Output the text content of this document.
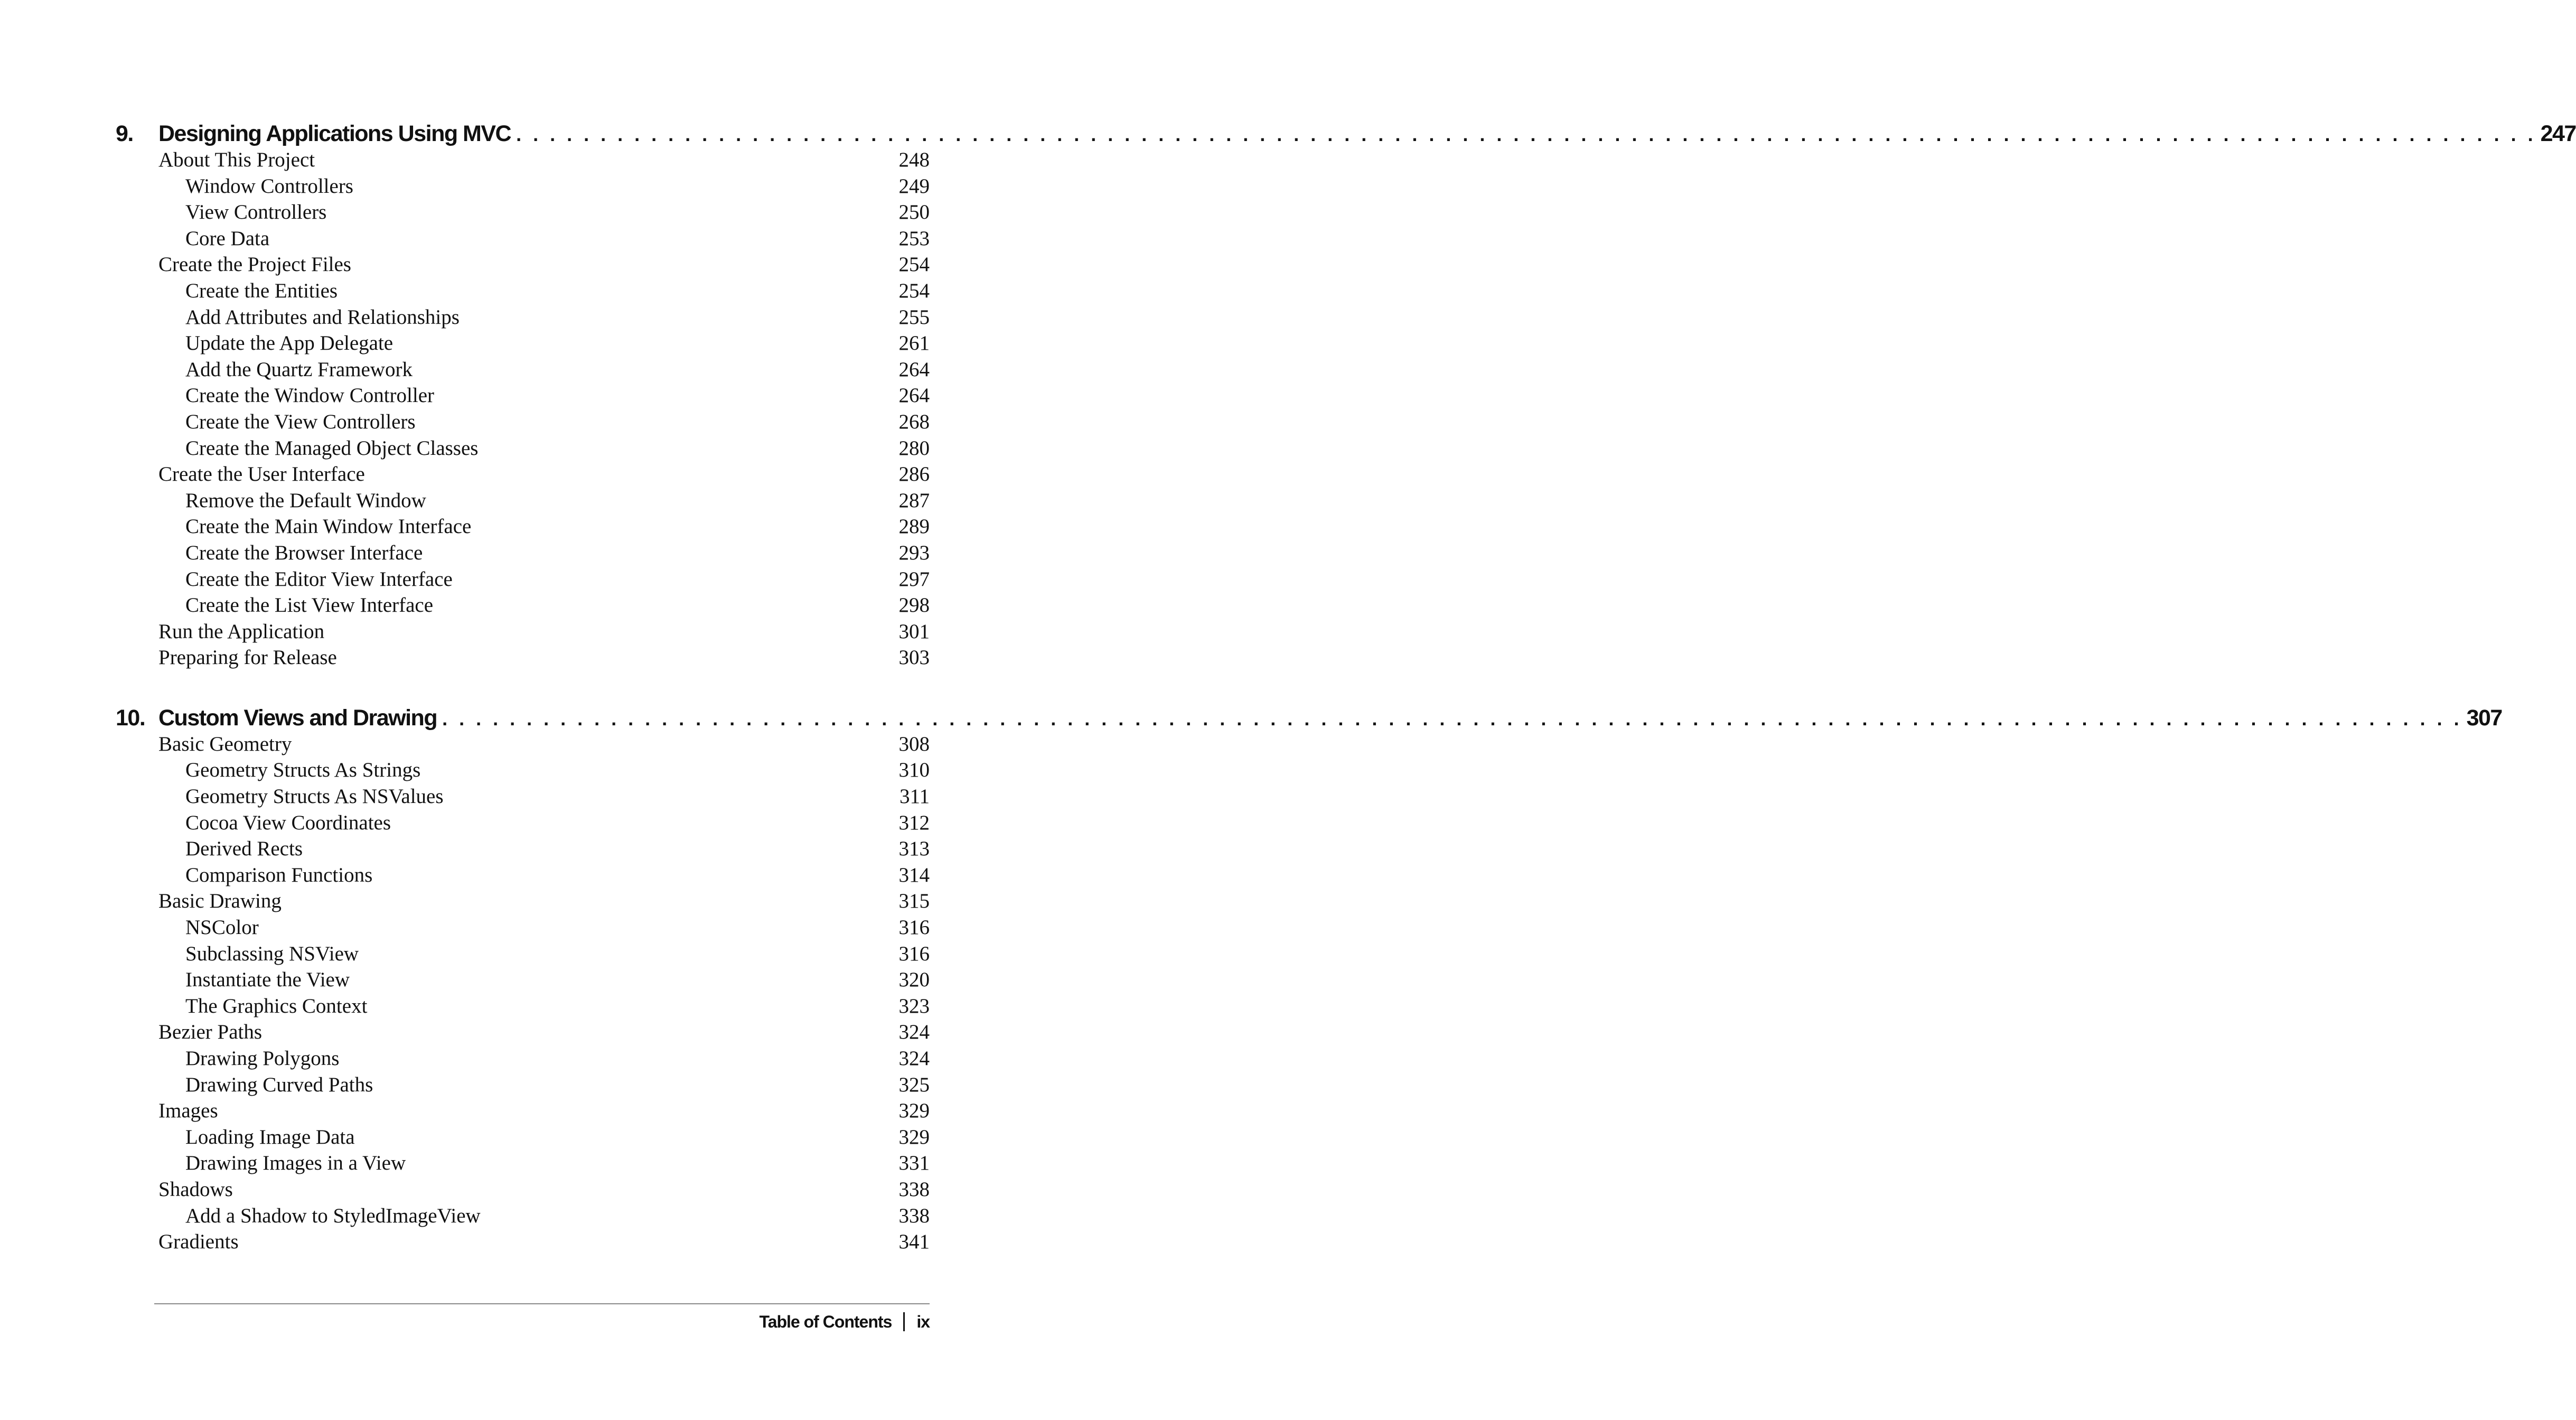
9.	Designing Applications Using MVC . . . . . . . . . . . . . . . . . . . . . . . . . . . . . . . . . . . . . . . . . . . . . . . . . . . . . . . . . . . . . . . . . . . . . . . . . . . . . . . . . . . . . . . . . . . . . . . . . . . . . . . . . . . . . . . . . . . . . . . . 247
About This Project	248
Window Controllers	249
View Controllers	250
Core Data	253
Create the Project Files	254
Create the Entities	254
Add Attributes and Relationships	255
Update the App Delegate	261
Add the Quartz Framework	264
Create the Window Controller	264
Create the View Controllers	268
Create the Managed Object Classes	280
Create the User Interface	286
Remove the Default Window	287
Create the Main Window Interface	289
Create the Browser Interface	293
Create the Editor View Interface	297
Create the List View Interface	298
Run the Application	301
Preparing for Release	303
10. Custom Views and Drawing . . . . . . . . . . . . . . . . . . . . . . . . . . . . . . . . . . . . . . . . . . . . . . . . . . . . . . . . . . . . . . . . . . . . . . . . . . . . . . . . . . . . . . . . . . . . . . . . . . . . . . . . . . . . . . . . . . . . . . . . 307
Basic Geometry	308
Geometry Structs As Strings	310
Geometry Structs As NSValues	311
Cocoa View Coordinates	312
Derived Rects	313
Comparison Functions	314
Basic Drawing	315
NSColor	316
Subclassing NSView	316
Instantiate the View	320
The Graphics Context	323
Bezier Paths	324
Drawing Polygons	324
Drawing Curved Paths	325
Images	329
Loading Image Data	329
Drawing Images in a View	331
Shadows	338
Add a Shadow to StyledImageView	338
Gradients	341
Table of Contents ix
